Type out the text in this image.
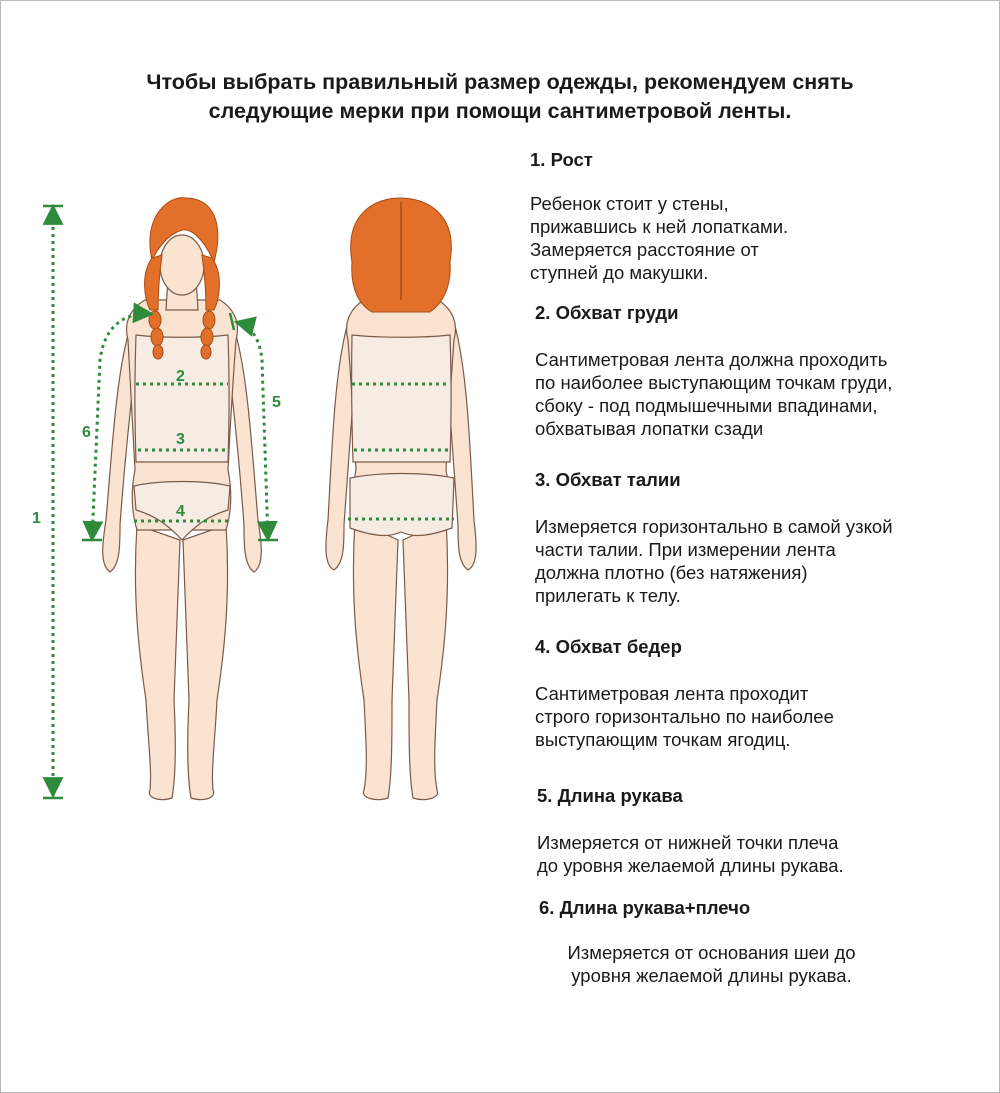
Чтобы выбрать правильный размер одежды, рекомендуем снять
следующие мерки при помощи сантиметровой ленты.
1
2
3
4
5
6

1. Рост

Ребенок стоит у стены,
прижавшись к ней лопатками.
Замеряется расстояние от
ступней до макушки.

2. Обхват груди

Сантиметровая лента должна проходить
по наиболее выступающим точкам груди,
сбоку - под подмышечными впадинами,
обхватывая лопатки сзади

3. Обхват талии

Измеряется горизонтально в самой узкой
части талии. При измерении лента
должна плотно (без натяжения)
прилегать к телу.

4. Обхват бедер

Сантиметровая лента проходит
строго горизонтально по наиболее
выступающим точкам ягодиц.

5. Длина рукава

Измеряется от нижней точки плеча
до уровня желаемой длины рукава.

6. Длина рукава+плечо

Измеряется от основания шеи до
уровня желаемой длины рукава.
